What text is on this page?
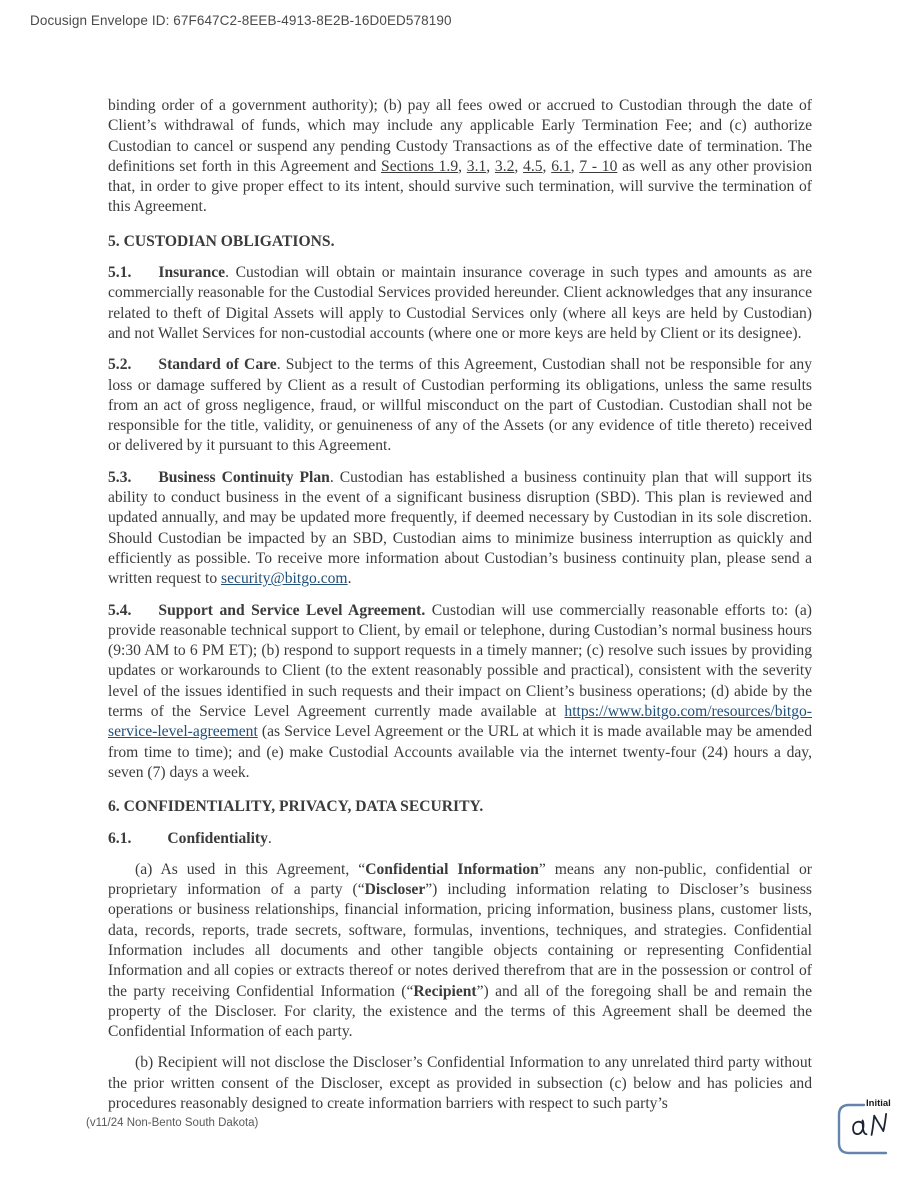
Docusign Envelope ID: 67F647C2-8EEB-4913-8E2B-16D0ED578190

binding order of a government authority); (b) pay all fees owed or accrued to Custodian through the date of Client’s withdrawal of funds, which may include any applicable Early Termination Fee; and (c) authorize Custodian to cancel or suspend any pending Custody Transactions as of the effective date of termination. The definitions set forth in this Agreement and Sections 1.9, 3.1, 3.2, 4.5, 6.1, 7 - 10 as well as any other provision that, in order to give proper effect to its intent, should survive such termination, will survive the termination of this Agreement.

5. CUSTODIAN OBLIGATIONS.

5.1. Insurance. Custodian will obtain or maintain insurance coverage in such types and amounts as are commercially reasonable for the Custodial Services provided hereunder. Client acknowledges that any insurance related to theft of Digital Assets will apply to Custodial Services only (where all keys are held by Custodian) and not Wallet Services for non-custodial accounts (where one or more keys are held by Client or its designee).

5.2. Standard of Care. Subject to the terms of this Agreement, Custodian shall not be responsible for any loss or damage suffered by Client as a result of Custodian performing its obligations, unless the same results from an act of gross negligence, fraud, or willful misconduct on the part of Custodian. Custodian shall not be responsible for the title, validity, or genuineness of any of the Assets (or any evidence of title thereto) received or delivered by it pursuant to this Agreement.

5.3. Business Continuity Plan. Custodian has established a business continuity plan that will support its ability to conduct business in the event of a significant business disruption (SBD). This plan is reviewed and updated annually, and may be updated more frequently, if deemed necessary by Custodian in its sole discretion. Should Custodian be impacted by an SBD, Custodian aims to minimize business interruption as quickly and efficiently as possible. To receive more information about Custodian’s business continuity plan, please send a written request to security@bitgo.com.

5.4. Support and Service Level Agreement. Custodian will use commercially reasonable efforts to: (a) provide reasonable technical support to Client, by email or telephone, during Custodian’s normal business hours (9:30 AM to 6 PM ET); (b) respond to support requests in a timely manner; (c) resolve such issues by providing updates or workarounds to Client (to the extent reasonably possible and practical), consistent with the severity level of the issues identified in such requests and their impact on Client’s business operations; (d) abide by the terms of the Service Level Agreement currently made available at https://www.bitgo.com/resources/bitgo-service-level-agreement (as Service Level Agreement or the URL at which it is made available may be amended from time to time); and (e) make Custodial Accounts available via the internet twenty-four (24) hours a day, seven (7) days a week.

6. CONFIDENTIALITY, PRIVACY, DATA SECURITY.

6.1. Confidentiality.

(a) As used in this Agreement, “Confidential Information” means any non-public, confidential or proprietary information of a party (“Discloser”) including information relating to Discloser’s business operations or business relationships, financial information, pricing information, business plans, customer lists, data, records, reports, trade secrets, software, formulas, inventions, techniques, and strategies. Confidential Information includes all documents and other tangible objects containing or representing Confidential Information and all copies or extracts thereof or notes derived therefrom that are in the possession or control of the party receiving Confidential Information (“Recipient”) and all of the foregoing shall be and remain the property of the Discloser. For clarity, the existence and the terms of this Agreement shall be deemed the Confidential Information of each party.

(b) Recipient will not disclose the Discloser’s Confidential Information to any unrelated third party without the prior written consent of the Discloser, except as provided in subsection (c) below and has policies and procedures reasonably designed to create information barriers with respect to such party’s

(v11/24 Non-Bento South Dakota)
Initial
